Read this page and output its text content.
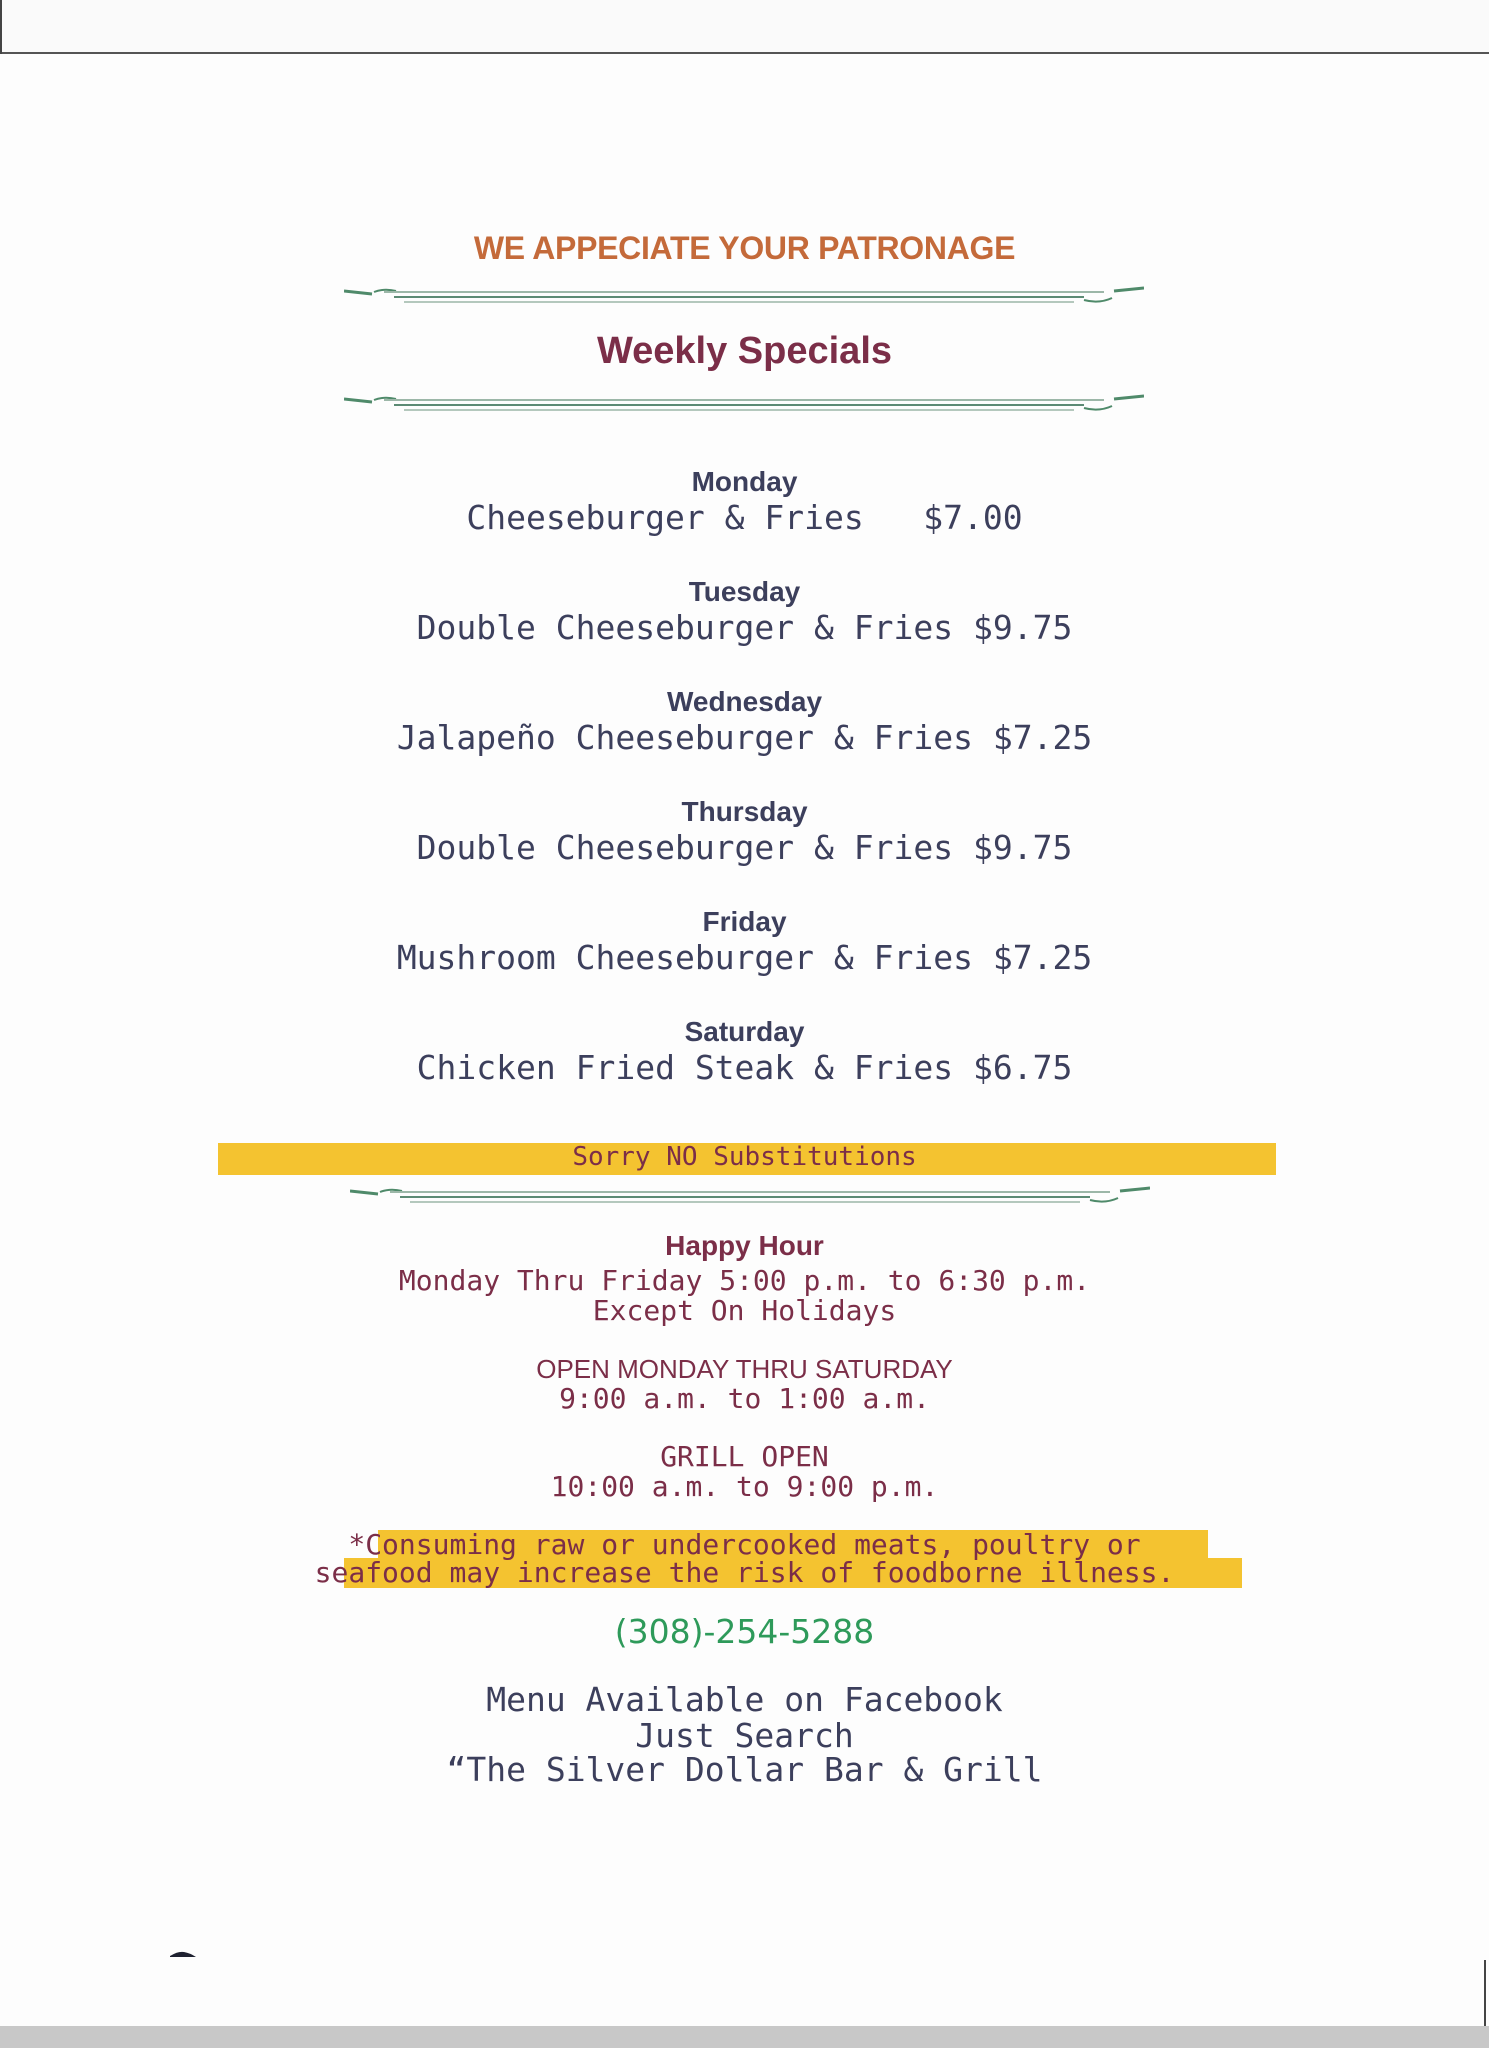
WE APPECIATE YOUR PATRONAGE

Weekly Specials

Monday

Cheeseburger & Fries   $7.00

Tuesday

Double Cheeseburger & Fries $9.75

Wednesday

Jalapeño Cheeseburger & Fries $7.25

Thursday

Double Cheeseburger & Fries $9.75

Friday

Mushroom Cheeseburger & Fries $7.25

Saturday

Chicken Fried Steak & Fries $6.75

Sorry NO Substitutions

Happy Hour

Monday Thru Friday 5:00 p.m. to 6:30 p.m.

Except On Holidays

OPEN MONDAY THRU SATURDAY

9:00 a.m. to 1:00 a.m.

GRILL OPEN

10:00 a.m. to 9:00 p.m.

*Consuming raw or undercooked meats, poultry or

seafood may increase the risk of foodborne illness.

(308)-254-5288

Menu Available on Facebook

Just Search

“The Silver Dollar Bar & Grill
